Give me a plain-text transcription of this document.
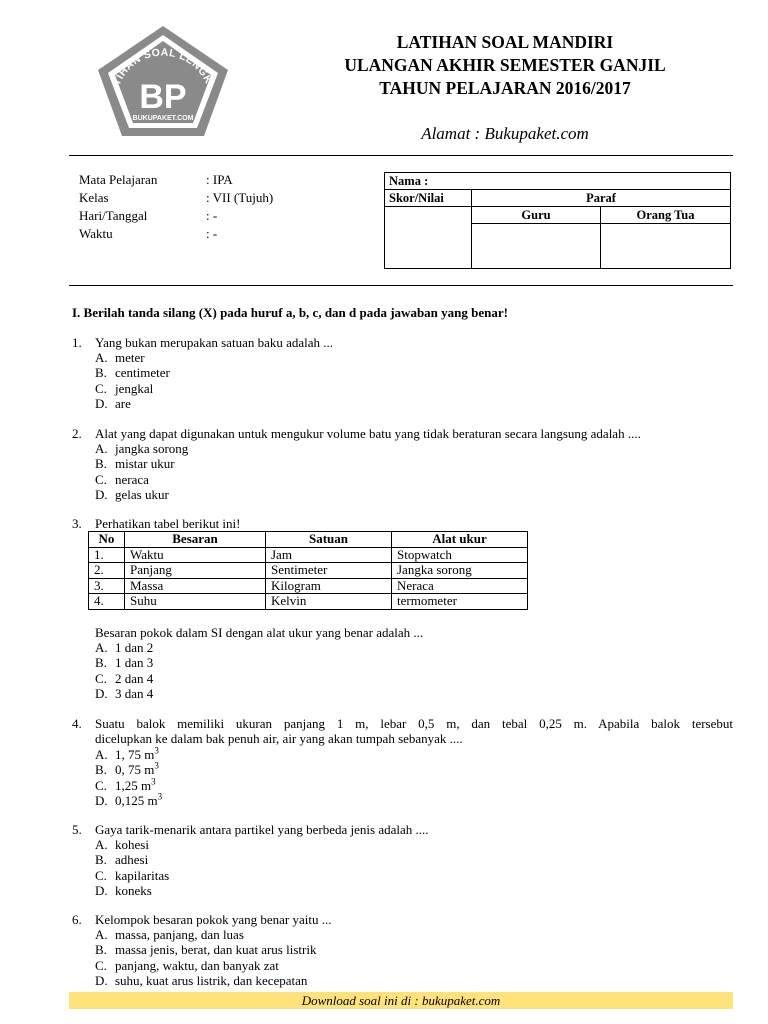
TIHAN SOAL LENGK
BP
BUKUPAKET.COM
LATIHAN SOAL MANDIRI
ULANGAN AKHIR SEMESTER GANJIL
TAHUN PELAJARAN 2016/2017
Alamat : Bukupaket.com
Mata Pelajaran	: IPA
Kelas	: VII (Tujuh)
Hari/Tanggal	: -
Waktu	: -
Nama :		
Skor/Nilai	Paraf	
	Guru	Orang Tua

I. Berilah tanda silang (X) pada huruf a, b, c, dan d pada jawaban yang benar!
1. Yang bukan merupakan satuan baku adalah ...
A. meter
B. centimeter
C. jengkal
D. are
2. Alat yang dapat digunakan untuk mengukur volume batu yang tidak beraturan secara langsung adalah ....
A. jangka sorong
B. mistar ukur
C. neraca
D. gelas ukur
3. Perhatikan tabel berikut ini!
No	Besaran	Satuan	Alat ukur
1.	Waktu	Jam	Stopwatch
2.	Panjang	Sentimeter	Jangka sorong
3.	Massa	Kilogram	Neraca
4.	Suhu	Kelvin	termometer
Besaran pokok dalam SI dengan alat ukur yang benar adalah ...
A. 1 dan 2
B. 1 dan 3
C. 2 dan 4
D. 3 dan 4
4. Suatu balok memiliki ukuran panjang 1 m, lebar 0,5 m, dan tebal 0,25 m. Apabila balok tersebut
dicelupkan ke dalam bak penuh air, air yang akan tumpah sebanyak ....
A. 1, 75 $m^3$
B. 0, 75 $m^3$
C. 1,25 $m^3$
D. 0,125 $m^3$
5. Gaya tarik-menarik antara partikel yang berbeda jenis adalah ....
A. kohesi
B. adhesi
C. kapilaritas
D. koneks
6. Kelompok besaran pokok yang benar yaitu ...
A. massa, panjang, dan luas
B. massa jenis, berat, dan kuat arus listrik
C. panjang, waktu, dan banyak zat
D. suhu, kuat arus listrik, dan kecepatan
Download soal ini di : bukupaket.com
